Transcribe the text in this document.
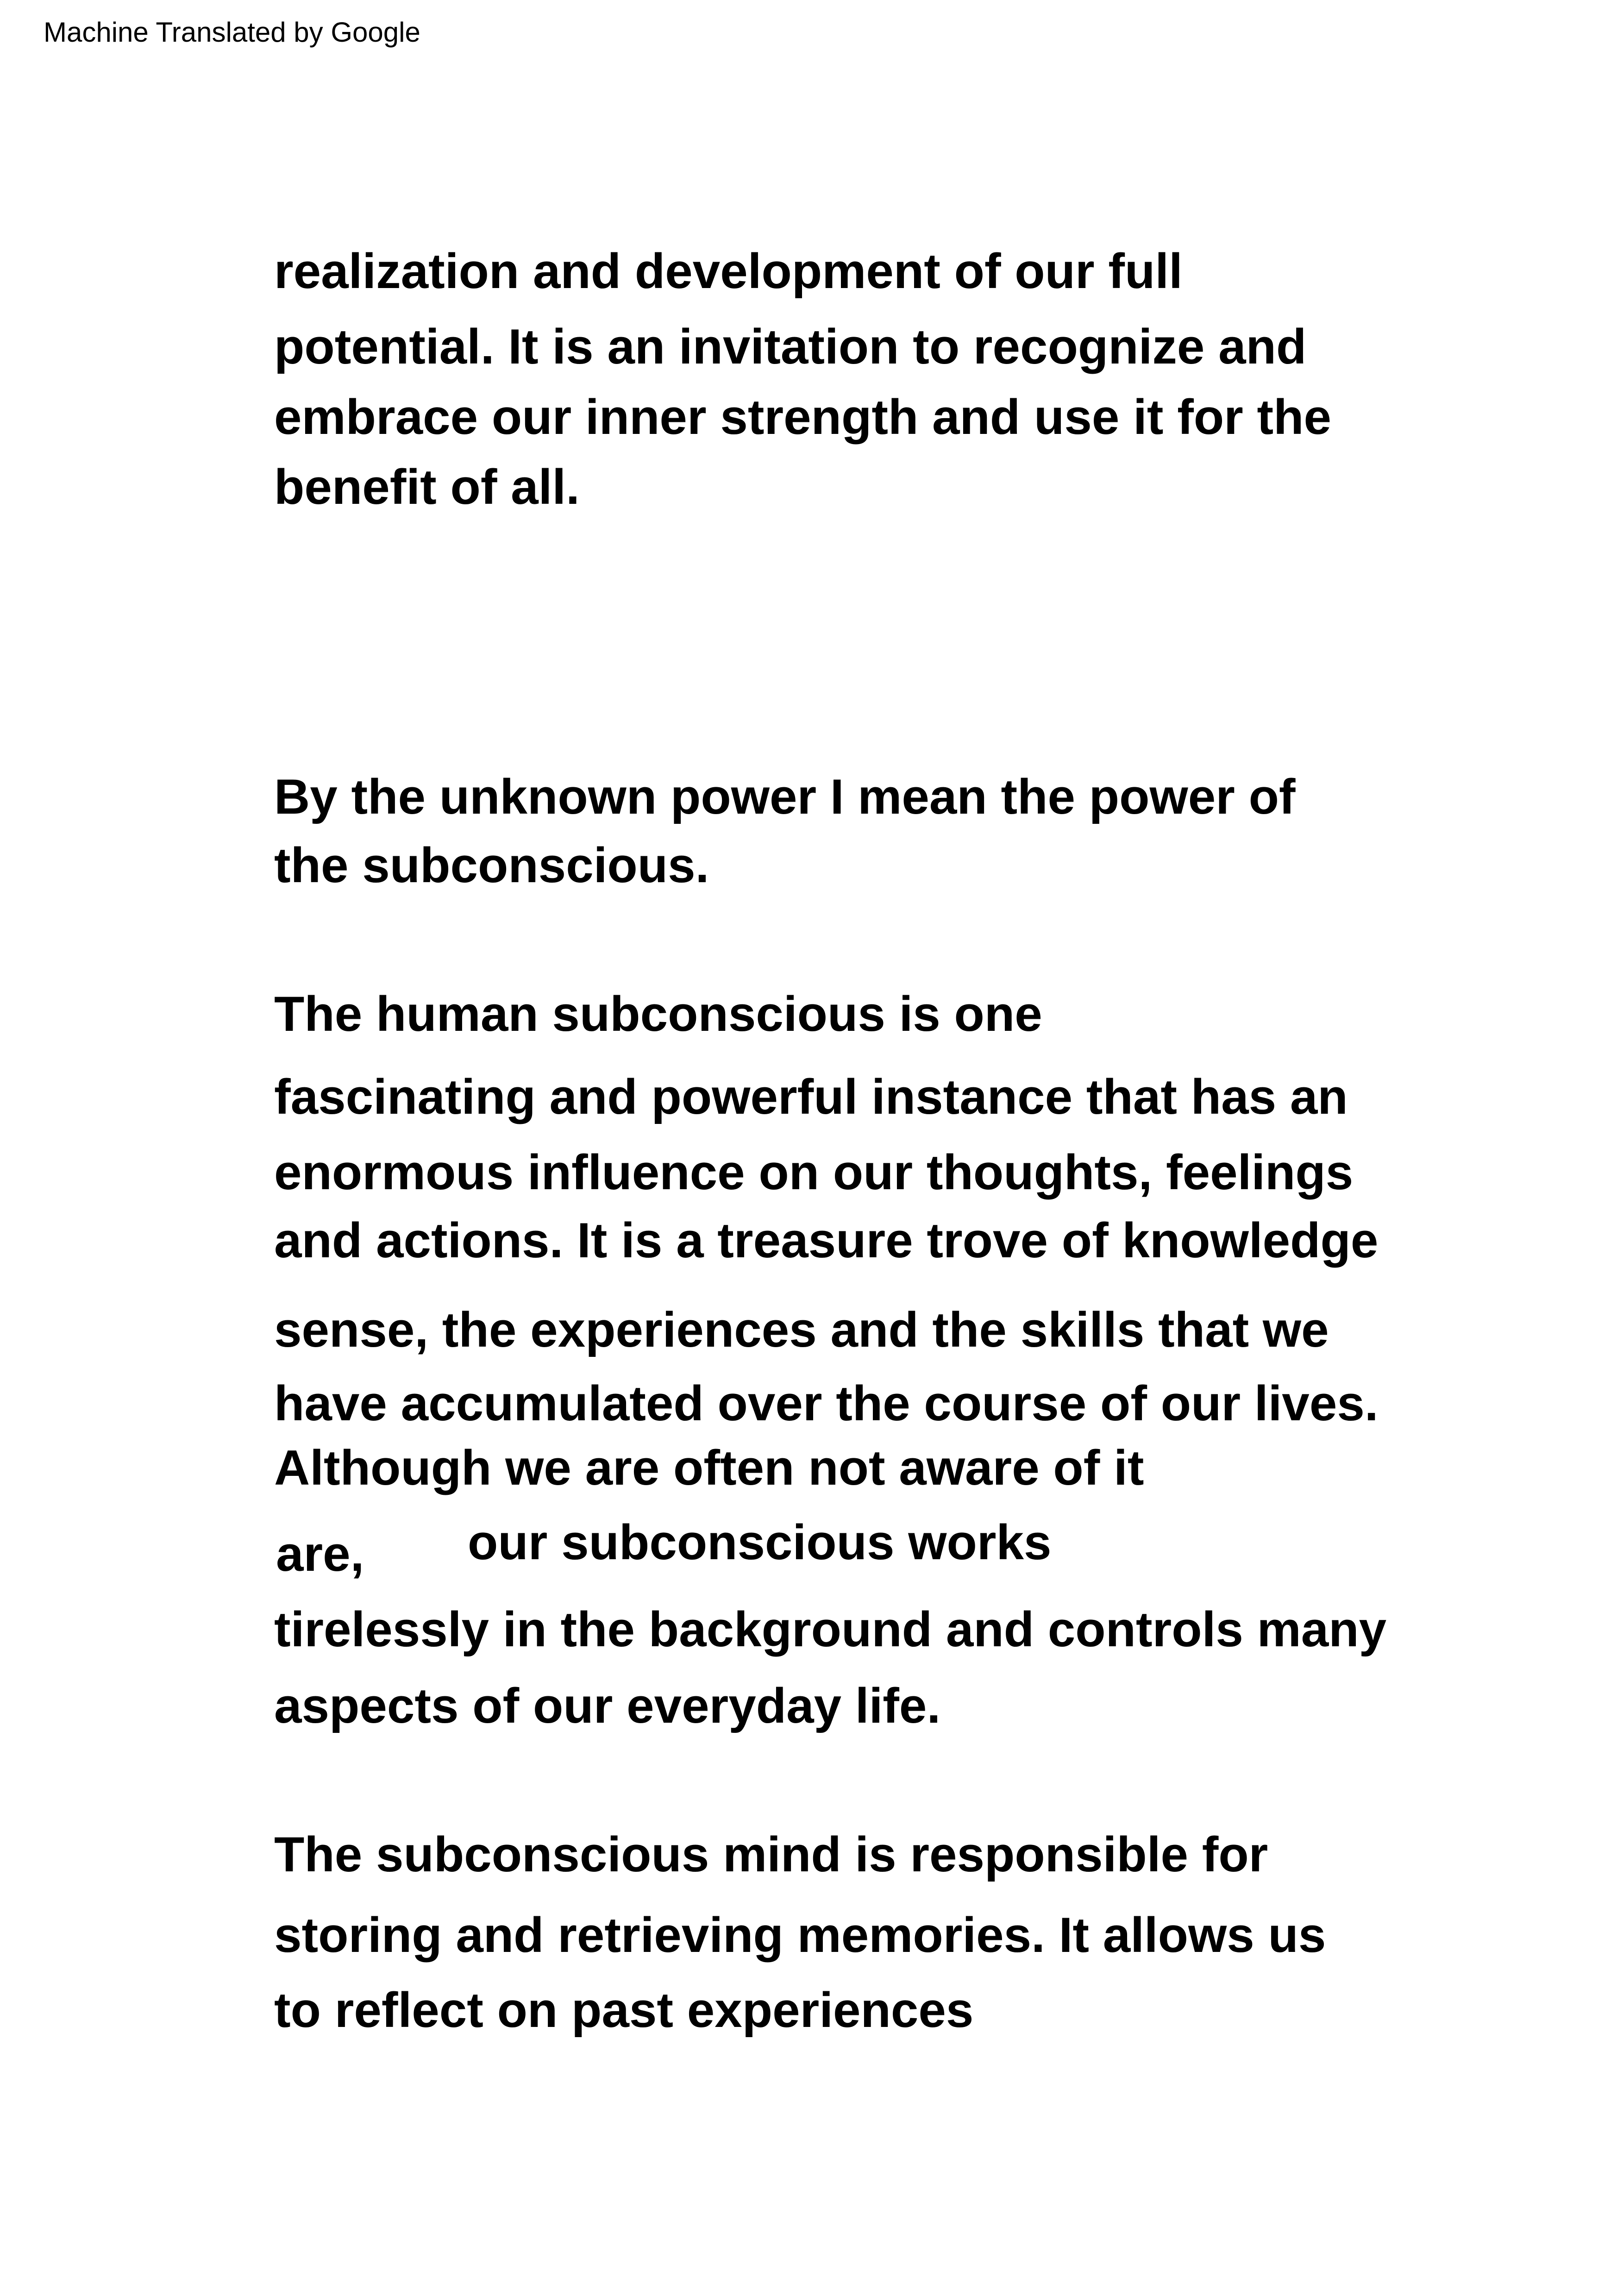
Machine Translated by Google
realization and development of our full
potential. It is an invitation to recognize and
embrace our inner strength and use it for the
benefit of all.
By the unknown power I mean the power of
the subconscious.
The human subconscious is one
fascinating and powerful instance that has an
enormous influence on our thoughts, feelings
and actions. It is a treasure trove of knowledge
sense, the experiences and the skills that we
have accumulated over the course of our lives.
Although we are often not aware of it
are, our subconscious works
tirelessly in the background and controls many
aspects of our everyday life.
The subconscious mind is responsible for
storing and retrieving memories. It allows us
to reflect on past experiences
